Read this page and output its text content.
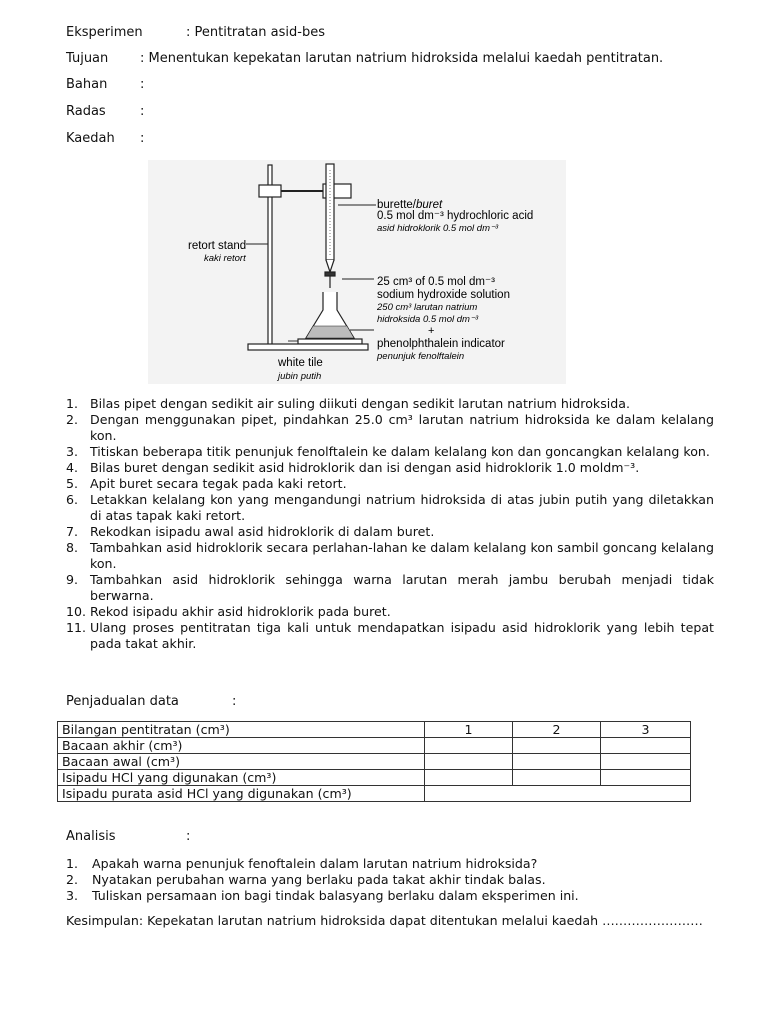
Eksperimen	: Pentitratan asid-bes
Tujuan : Menentukan kepekatan larutan natrium hidroksida melalui kaedah pentitratan.
Bahan	:
Radas	:
Kaedah :
burette/buret
0.5 mol dm⁻³ hydrochloric acid
asid hidroklorik 0.5 mol dm⁻³
retort stand
kaki retort
25 cm³ of 0.5 mol dm⁻³
sodium hydroxide solution
250 cm³ larutan natrium
hidroksida 0.5 mol dm⁻³
+
phenolphthalein indicator
penunjuk fenolftalein
white tile
jubin putih
1. Bilas pipet dengan sedikit air suling diikuti dengan sedikit larutan natrium hidroksida.
2. Dengan menggunakan pipet, pindahkan 25.0 cm³ larutan natrium hidroksida ke dalam kelalang kon.
3. Titiskan beberapa titik penunjuk fenolftalein ke dalam kelalang kon dan goncangkan kelalang kon.
4. Bilas buret dengan sedikit asid hidroklorik dan isi dengan asid hidroklorik 1.0 moldm⁻³.
5. Apit buret secara tegak pada kaki retort.
6. Letakkan kelalang kon yang mengandungi natrium hidroksida di atas jubin putih yang diletakkan di atas tapak kaki retort.
7. Rekodkan isipadu awal asid hidroklorik di dalam buret.
8. Tambahkan asid hidroklorik secara perlahan-lahan ke dalam kelalang kon sambil goncang kelalang kon.
9. Tambahkan asid hidroklorik sehingga warna larutan merah jambu berubah menjadi tidak berwarna.
10. Rekod isipadu akhir asid hidroklorik pada buret.
11. Ulang proses pentitratan tiga kali untuk mendapatkan isipadu asid hidroklorik yang lebih tepat pada takat akhir.
Penjadualan data	:
Bilangan pentitratan (cm³)	1	2	3
Bacaan akhir (cm³)			
Bacaan awal (cm³)			
Isipadu HCl yang digunakan (cm³)			
Isipadu purata asid HCl yang digunakan (cm³)			
Analisis	:
1. Apakah warna penunjuk fenoftalein dalam larutan natrium hidroksida?
2. Nyatakan perubahan warna yang berlaku pada takat akhir tindak balas.
3. Tuliskan persamaan ion bagi tindak balasyang berlaku dalam eksperimen ini.
Kesimpulan: Kepekatan larutan natrium hidroksida dapat ditentukan melalui kaedah ……………………
